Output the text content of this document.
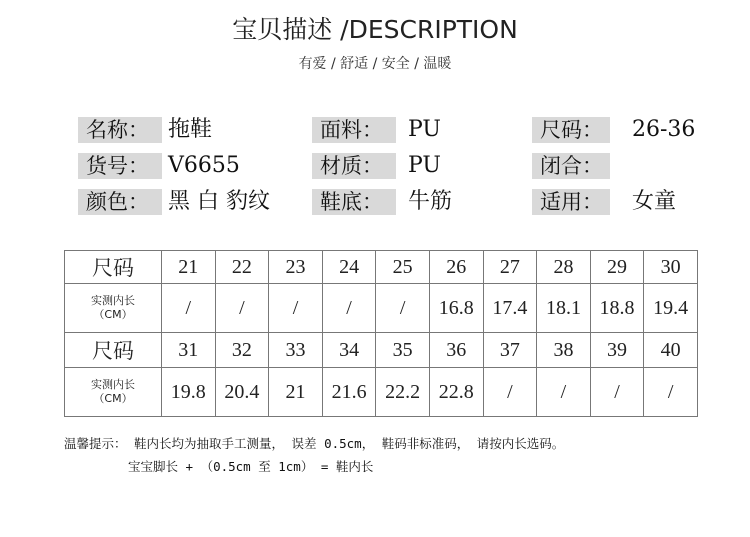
宝贝描述 /DESCRIPTION
有爱 / 舒适 / 安全 / 温暖
名称： 拖鞋	面料：	PU	尺码：	26-36
货号： V6655	材质：	PU	闭合：
颜色： 黑 白 豹纹	鞋底：	牛筋	适用：	女童
尺码	21	22	23	24	25	26	27	28	29	30
实测内长
（CM）	/	/	/	/	/	16.8	17.4	18.1	18.8	19.4
尺码	31	32	33	34	35	36	37	38	39	40
实测内长
（CM）	19.8	20.4	21	21.6	22.2	22.8	/	/	/	/
温馨提示： 鞋内长均为抽取手工测量， 误差 0.5cm， 鞋码非标准码， 请按内长选码。
宝宝脚长 + （0.5cm 至 1cm） = 鞋内长
